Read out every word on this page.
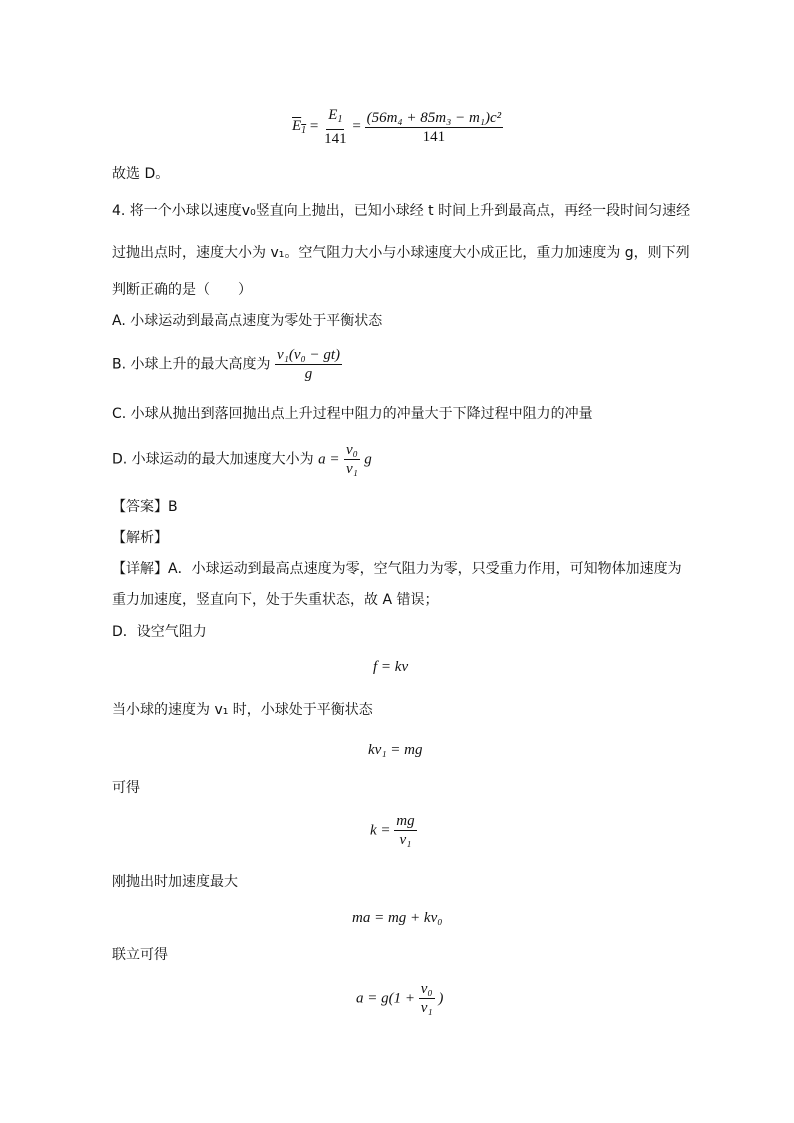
$E_1 = \frac{E_1}{141} = \frac{\text{(56m₄ + 85m₃ − m₁)c²}}{141}$
故选 D。
4. 将一个小球以速度v₀竖直向上抛出，已知小球经 t 时间上升到最高点，再经一段时间匀速经
过抛出点时，速度大小为 v₁。空气阻力大小与小球速度大小成正比，重力加速度为 g，则下列
判断正确的是（　　）
A. 小球运动到最高点速度为零处于平衡状态
B. 小球上升的最大高度为 $\frac{\text{v₁(v₀ − gt)}}{g}$
C. 小球从抛出到落回抛出点上升过程中阻力的冲量大于下降过程中阻力的冲量
D. 小球运动的最大加速度大小为 $a = \frac{\text{v₀}}{\text{v₁}}$ g
【答案】B
【解析】
【详解】A．小球运动到最高点速度为零，空气阻力为零，只受重力作用，可知物体加速度为
重力加速度，竖直向下，处于失重状态，故 A 错误；
D．设空气阻力
f = kv
当小球的速度为 v₁ 时，小球处于平衡状态
kv₁ = mg
可得
$k = \frac{mg}{\text{v₁}}$
刚抛出时加速度最大
ma = mg + kv₀
联立可得
$a = g(1 + \frac{\text{v₀}}{\text{v₁}}$ )
